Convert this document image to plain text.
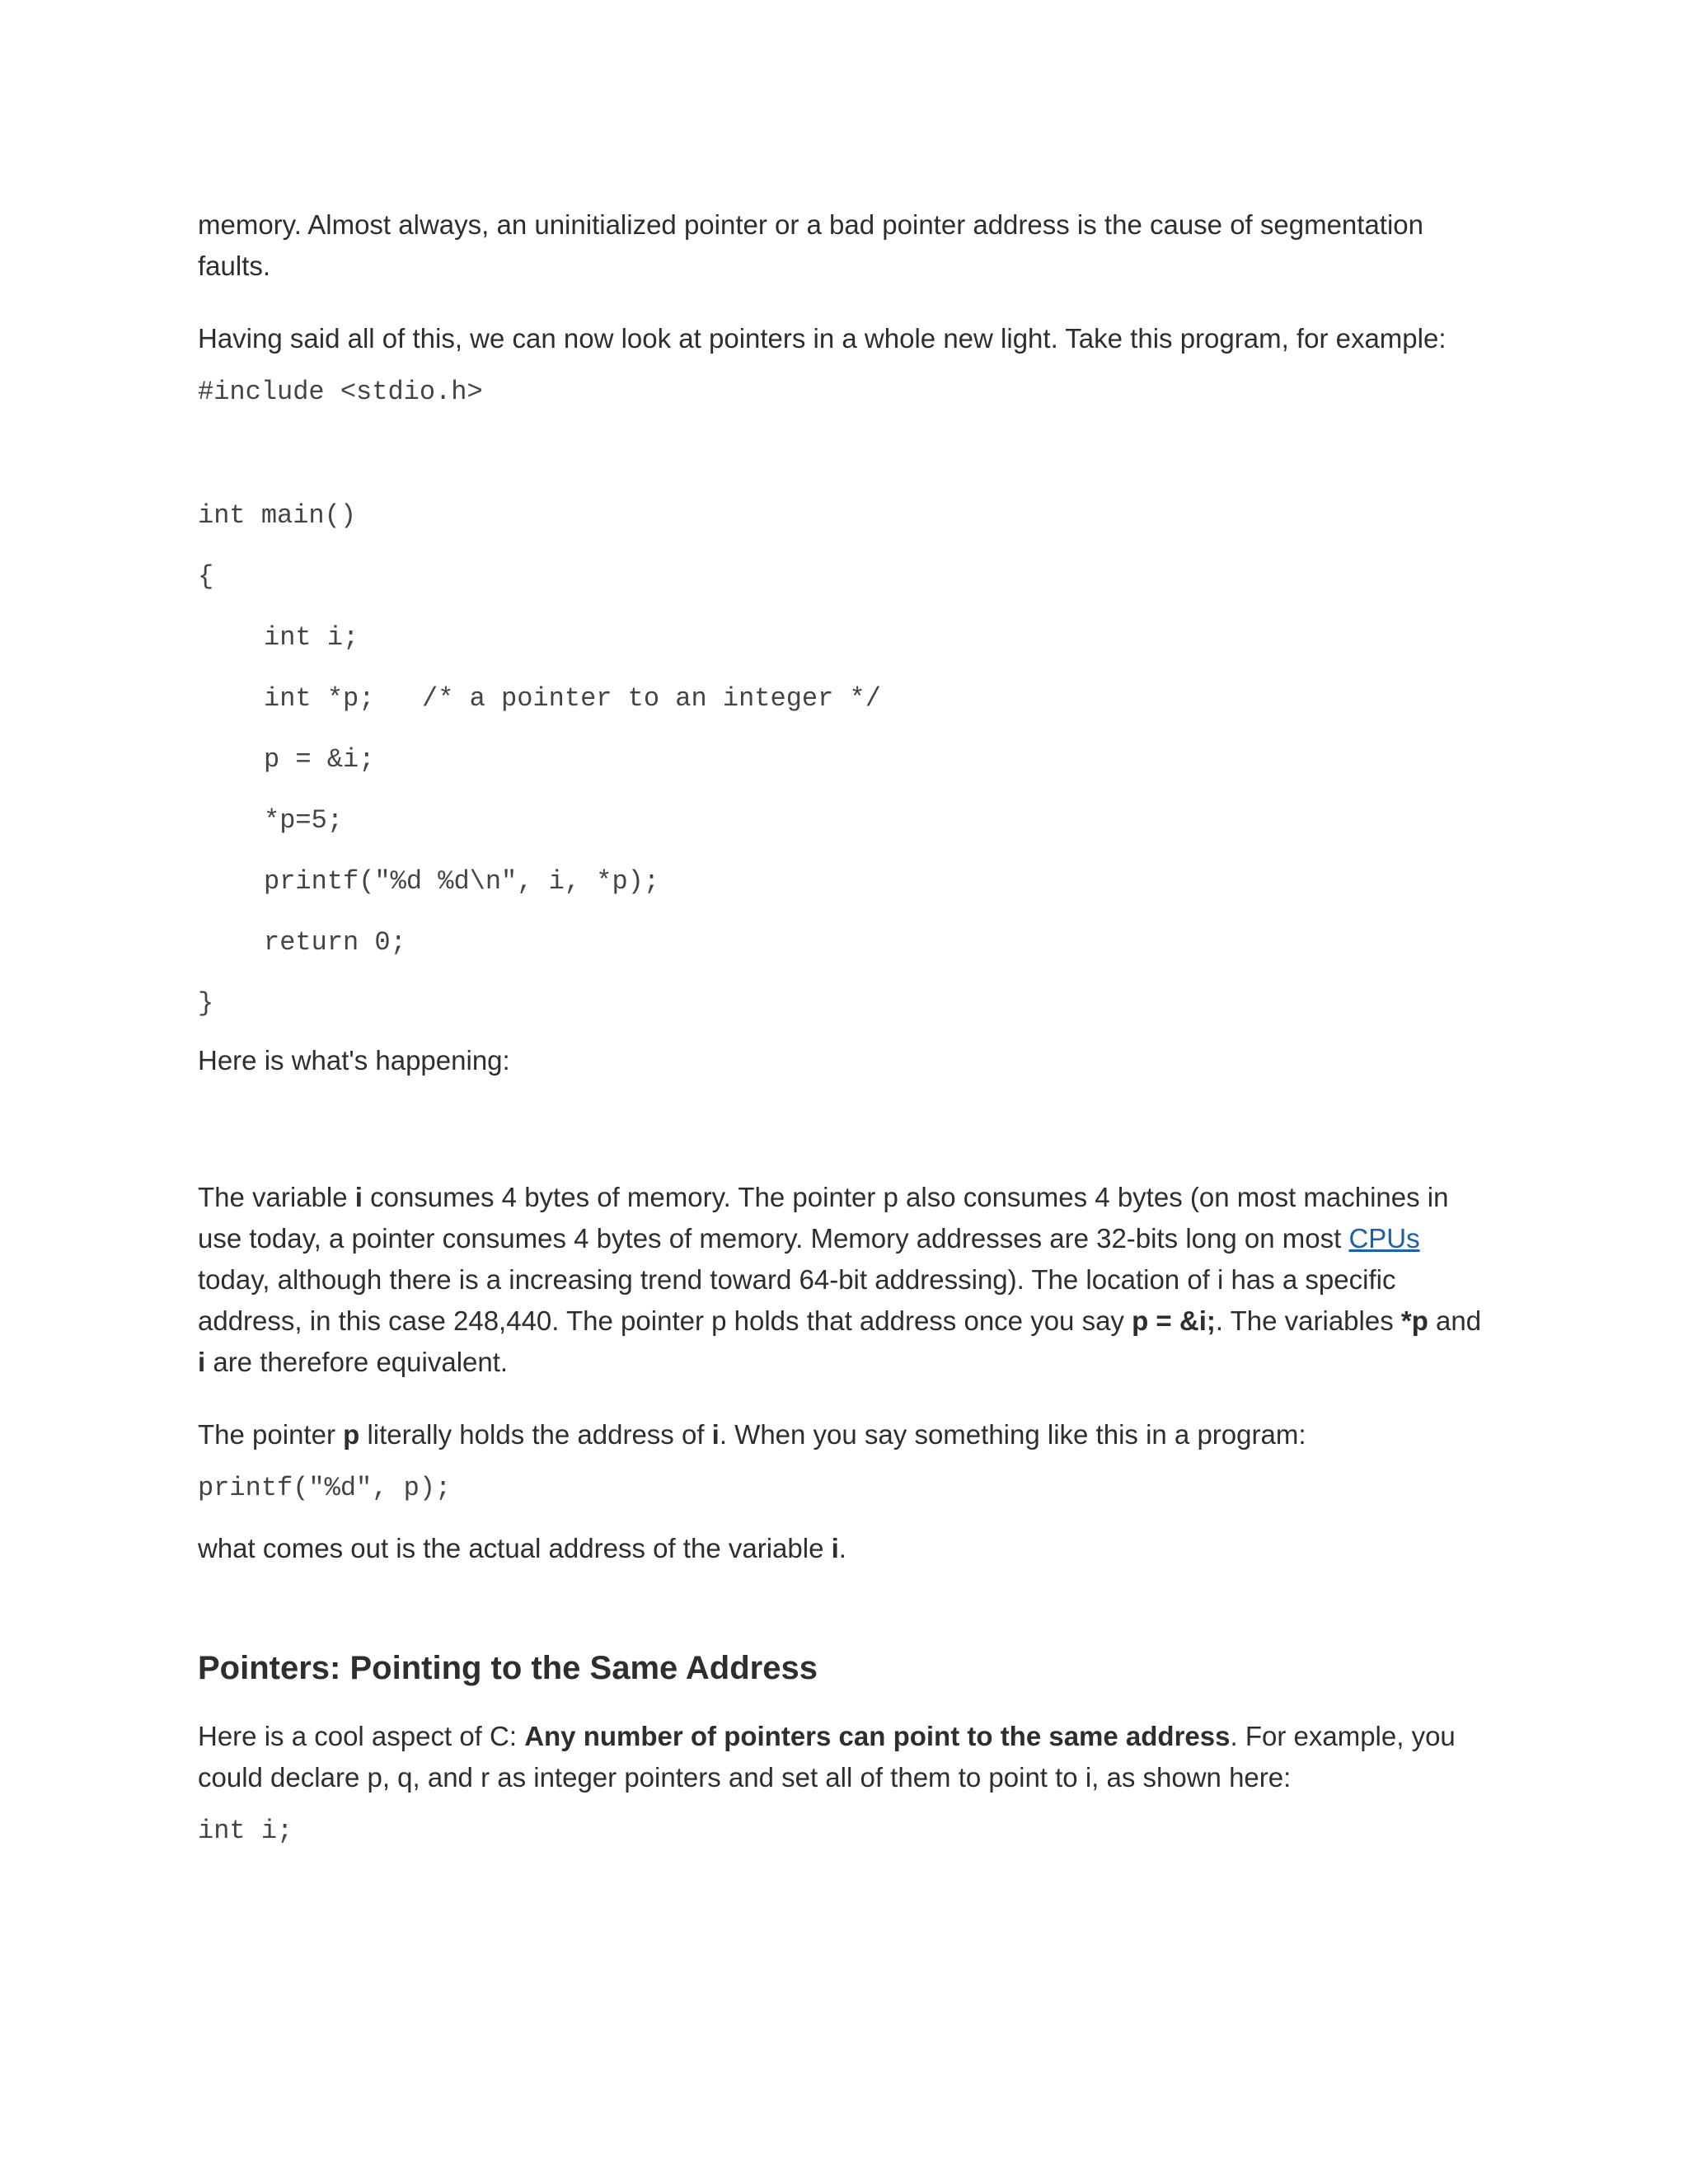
memory. Almost always, an uninitialized pointer or a bad pointer address is the cause of segmentation faults.

Having said all of this, we can now look at pointers in a whole new light. Take this program, for example:

#include <stdio.h>
int main()
{
int i;
int *p;   /* a pointer to an integer */
p = &i;
*p=5;
printf("%d %d\n", i, *p);
return 0;
}

Here is what's happening:

The variable i consumes 4 bytes of memory. The pointer p also consumes 4 bytes (on most machines in use today, a pointer consumes 4 bytes of memory. Memory addresses are 32-bits long on most CPUs today, although there is a increasing trend toward 64-bit addressing). The location of i has a specific address, in this case 248,440. The pointer p holds that address once you say p = &i;. The variables *p and i are therefore equivalent.

The pointer p literally holds the address of i. When you say something like this in a program:

printf("%d", p);

what comes out is the actual address of the variable i.

Pointers: Pointing to the Same Address

Here is a cool aspect of C: Any number of pointers can point to the same address. For example, you could declare p, q, and r as integer pointers and set all of them to point to i, as shown here:

int i;
